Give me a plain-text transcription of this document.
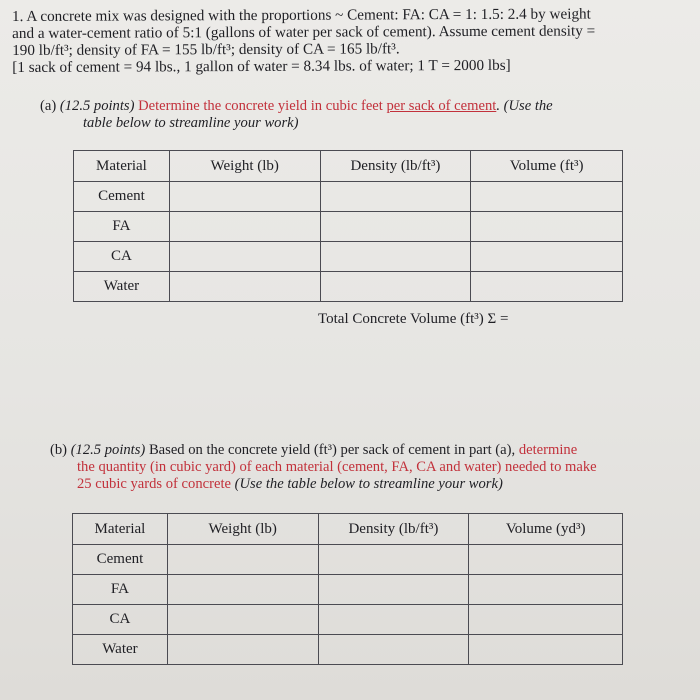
1. A concrete mix was designed with the proportions ~ Cement: FA: CA = 1: 1.5: 2.4 by weight

and a water-cement ratio of 5:1 (gallons of water per sack of cement). Assume cement density =

190 lb/ft³; density of FA = 155 lb/ft³; density of CA = 165 lb/ft³.

[1 sack of cement = 94 lbs., 1 gallon of water = 8.34 lbs. of water; 1 T = 2000 lbs]

(a) (12.5 points) Determine the concrete yield in cubic feet per sack of cement. (Use the
table below to streamline your work)
Material	Weight (lb)	Density (lb/ft³)	Volume (ft³)
Cement			
FA			
CA			
Water			
Total Concrete Volume (ft³) Σ =
(b) (12.5 points) Based on the concrete yield (ft³) per sack of cement in part (a), determine
the quantity (in cubic yard) of each material (cement, FA, CA and water) needed to make
25 cubic yards of concrete (Use the table below to streamline your work)
Material	Weight (lb)	Density (lb/ft³)	Volume (yd³)
Cement			
FA			
CA			
Water			
